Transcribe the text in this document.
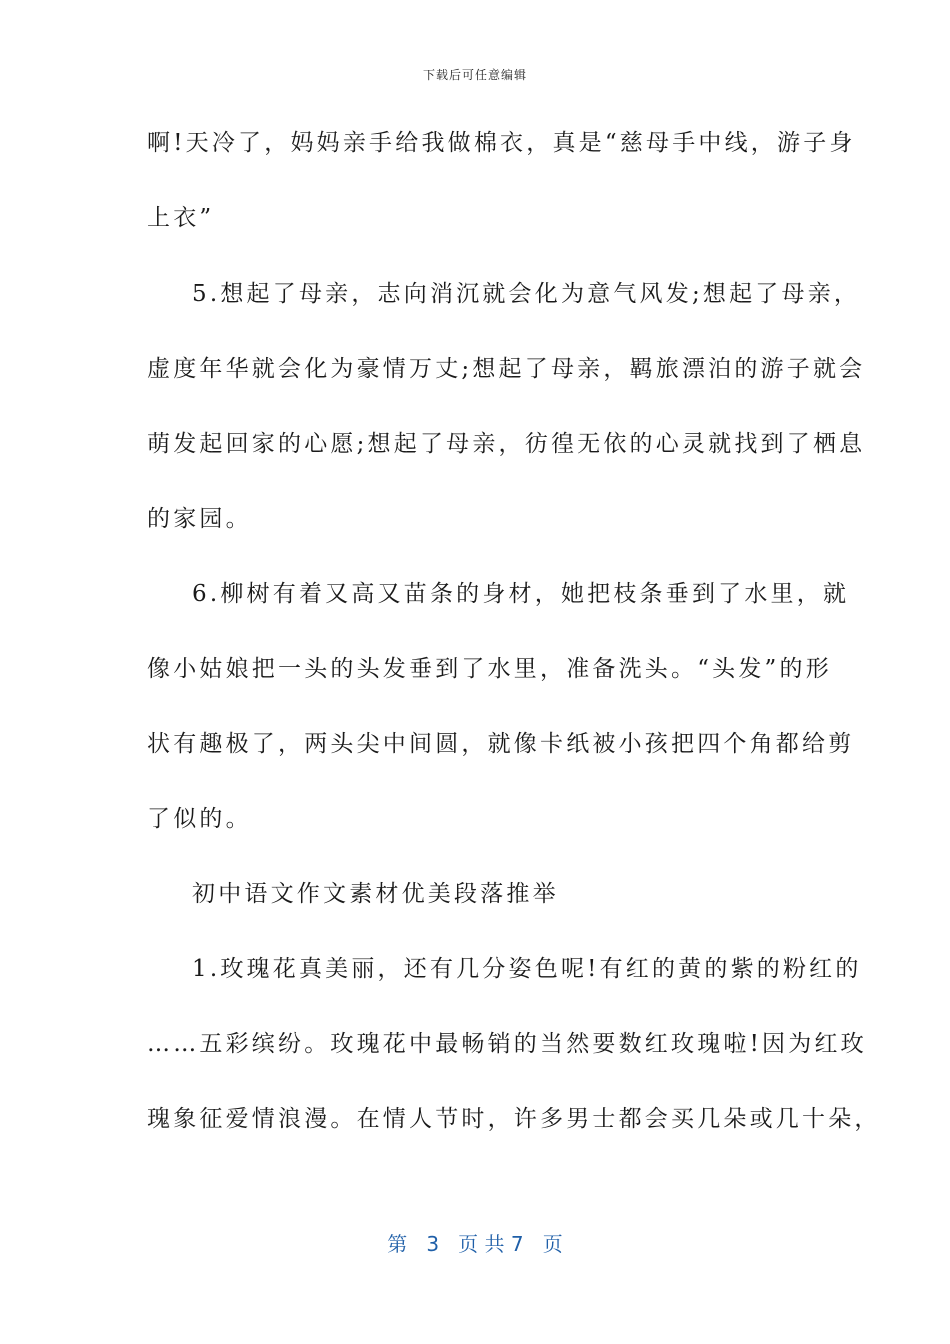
下载后可任意编辑
啊!天冷了，妈妈亲手给我做棉衣，真是“慈母手中线，游子身
上衣”
5.想起了母亲，志向消沉就会化为意气风发;想起了母亲，
虚度年华就会化为豪情万丈;想起了母亲，羁旅漂泊的游子就会
萌发起回家的心愿;想起了母亲，彷徨无依的心灵就找到了栖息
的家园。
6.柳树有着又高又苗条的身材，她把枝条垂到了水里，就
像小姑娘把一头的头发垂到了水里，准备洗头。“头发”的形
状有趣极了，两头尖中间圆，就像卡纸被小孩把四个角都给剪
了似的。
初中语文作文素材优美段落推举
1.玫瑰花真美丽，还有几分姿色呢!有红的黄的紫的粉红的
……五彩缤纷。玫瑰花中最畅销的当然要数红玫瑰啦!因为红玫
瑰象征爱情浪漫。在情人节时，许多男士都会买几朵或几十朵，
第 3 页 共 7 页
